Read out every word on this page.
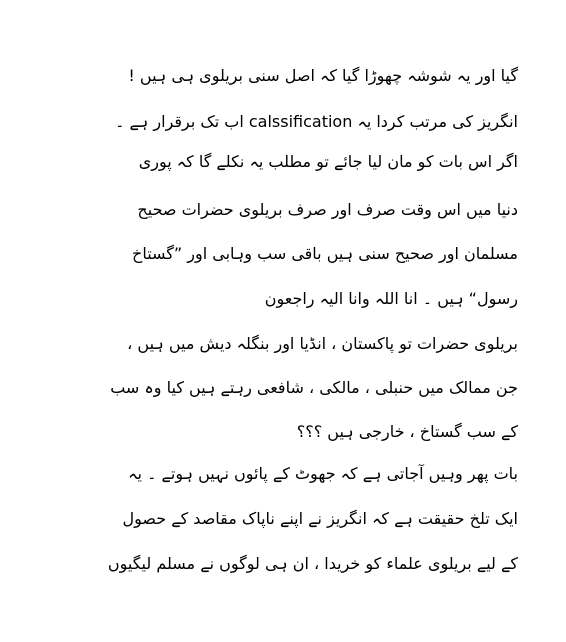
گیا اور یہ شوشہ چھوڑا گیا کہ اصل سنی بریلوی ہی ہیں !
انگریز کی مرتب کردا یہ calssification اب تک برقرار ہے ۔
اگر اس بات کو مان لیا جائے تو مطلب یہ نکلے گا کہ پوری
دنیا میں اس وقت صرف اور صرف بریلوی حضرات صحیح
مسلمان اور صحیح سنی ہیں باقی سب وہابی اور ”گستاخ
رسول“ ہیں ۔ انا اللہ وانا الیہ راجعون
بریلوی حضرات تو پاکستان ، انڈیا اور بنگلہ دیش میں ہیں ،
جن ممالک میں حنبلی ، مالکی ، شافعی رہتے ہیں کیا وہ سب
کے سب گستاخ ، خارجی ہیں ؟؟؟
بات پھر وہیں آجاتی ہے کہ جھوٹ کے پائوں نہیں ہوتے ۔ یہ
ایک تلخ حقیقت ہے کہ انگریز نے اپنے ناپاک مقاصد کے حصول
کے لیے بریلوی علماء کو خریدا ، ان ہی لوگوں نے مسلم لیگیوں
